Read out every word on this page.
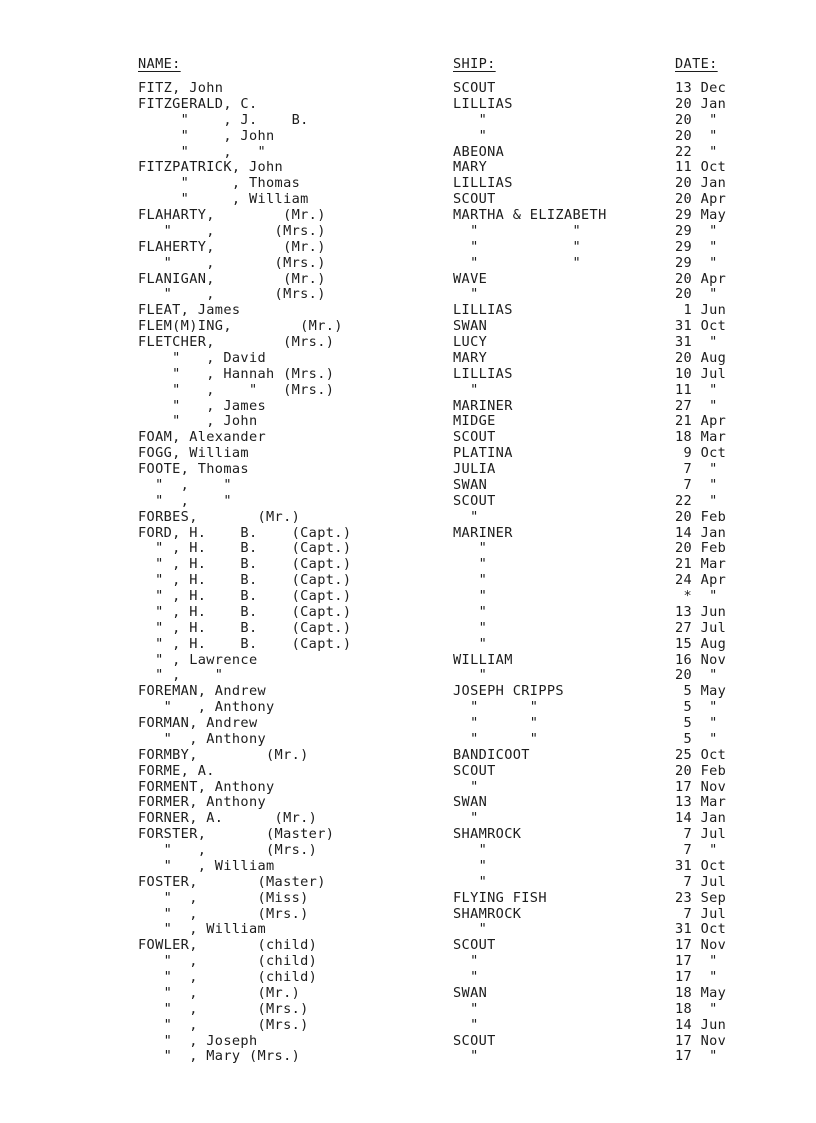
NAME:	SHIP:	DATE:
FITZ, John	SCOUT	13 Dec
FITZGERALD, C.	LILLIAS	20 Jan
"    , J.    B.	"	20  "
"    , John	"	20  "
"    ,   "	ABEONA	22  "
FITZPATRICK, John	MARY	11 Oct
"     , Thomas	LILLIAS	20 Jan
"     , William	SCOUT	20 Apr
FLAHARTY,        (Mr.)	MARTHA & ELIZABETH	29 May
"    ,       (Mrs.)	"           "	29  "
FLAHERTY,        (Mr.)	"           "	29  "
"    ,       (Mrs.)	"           "	29  "
FLANIGAN,        (Mr.)	WAVE	20 Apr
"    ,       (Mrs.)	"	20  "
FLEAT, James	LILLIAS	1 Jun
FLEM(M)ING,        (Mr.)	SWAN	31 Oct
FLETCHER,        (Mrs.)	LUCY	31  "
"   , David	MARY	20 Aug
"   , Hannah (Mrs.)	LILLIAS	10 Jul
"   ,    "   (Mrs.)	"	11  "
"   , James	MARINER	27  "
"   , John	MIDGE	21 Apr
FOAM, Alexander	SCOUT	18 Mar
FOGG, William	PLATINA	9 Oct
FOOTE, Thomas	JULIA	7  "
"  ,    "	SWAN	7  "
"  ,    "	SCOUT	22  "
FORBES,       (Mr.)	"	20 Feb
FORD, H.    B.    (Capt.)	MARINER	14 Jan
" , H.    B.    (Capt.)	"	20 Feb
" , H.    B.    (Capt.)	"	21 Mar
" , H.    B.    (Capt.)	"	24 Apr
" , H.    B.    (Capt.)	"	*  "
" , H.    B.    (Capt.)	"	13 Jun
" , H.    B.    (Capt.)	"	27 Jul
" , H.    B.    (Capt.)	"	15 Aug
" , Lawrence	WILLIAM	16 Nov
" ,    "	"	20  "
FOREMAN, Andrew	JOSEPH CRIPPS	5 May
"   , Anthony	"      "	5  "
FORMAN, Andrew	"      "	5  "
"  , Anthony	"      "	5  "
FORMBY,        (Mr.)	BANDICOOT	25 Oct
FORME, A.	SCOUT	20 Feb
FORMENT, Anthony	"	17 Nov
FORMER, Anthony	SWAN	13 Mar
FORNER, A.      (Mr.)	"	14 Jan
FORSTER,       (Master)	SHAMROCK	7 Jul
"   ,       (Mrs.)	"	7  "
"   , William	"	31 Oct
FOSTER,       (Master)	"	7 Jul
"  ,       (Miss)	FLYING FISH	23 Sep
"  ,       (Mrs.)	SHAMROCK	7 Jul
"  , William	"	31 Oct
FOWLER,       (child)	SCOUT	17 Nov
"  ,       (child)	"	17  "
"  ,       (child)	"	17  "
"  ,       (Mr.)	SWAN	18 May
"  ,       (Mrs.)	"	18  "
"  ,       (Mrs.)	"	14 Jun
"  , Joseph	SCOUT	17 Nov
"  , Mary (Mrs.)	"	17  "
